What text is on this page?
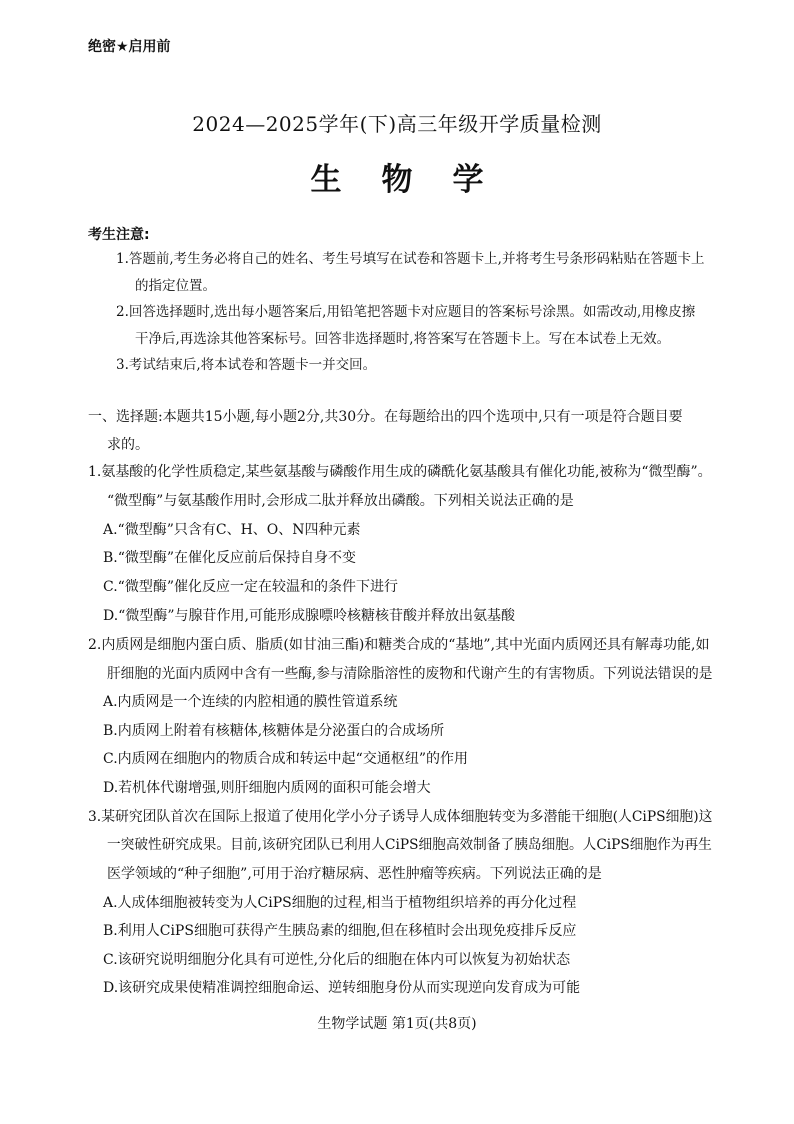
绝密★启用前
2024—2025学年(下)高三年级开学质量检测
生物学
考生注意:
1.答题前,考生务必将自己的姓名、考生号填写在试卷和答题卡上,并将考生号条形码粘贴在答题卡上
的指定位置。
2.回答选择题时,选出每小题答案后,用铅笔把答题卡对应题目的答案标号涂黑。如需改动,用橡皮擦
干净后,再选涂其他答案标号。回答非选择题时,将答案写在答题卡上。写在本试卷上无效。
3.考试结束后,将本试卷和答题卡一并交回。
一、选择题:本题共15小题,每小题2分,共30分。在每题给出的四个选项中,只有一项是符合题目要
求的。
1.氨基酸的化学性质稳定,某些氨基酸与磷酸作用生成的磷酰化氨基酸具有催化功能,被称为“微型酶”。
“微型酶”与氨基酸作用时,会形成二肽并释放出磷酸。下列相关说法正确的是
A.“微型酶”只含有C、H、O、N四种元素
B.“微型酶”在催化反应前后保持自身不变
C.“微型酶”催化反应一定在较温和的条件下进行
D.“微型酶”与腺苷作用,可能形成腺嘌呤核糖核苷酸并释放出氨基酸
2.内质网是细胞内蛋白质、脂质(如甘油三酯)和糖类合成的“基地”,其中光面内质网还具有解毒功能,如
肝细胞的光面内质网中含有一些酶,参与清除脂溶性的废物和代谢产生的有害物质。下列说法错误的是
A.内质网是一个连续的内腔相通的膜性管道系统
B.内质网上附着有核糖体,核糖体是分泌蛋白的合成场所
C.内质网在细胞内的物质合成和转运中起“交通枢纽”的作用
D.若机体代谢增强,则肝细胞内质网的面积可能会增大
3.某研究团队首次在国际上报道了使用化学小分子诱导人成体细胞转变为多潜能干细胞(人CiPS细胞)这
一突破性研究成果。目前,该研究团队已利用人CiPS细胞高效制备了胰岛细胞。人CiPS细胞作为再生
医学领域的“种子细胞”,可用于治疗糖尿病、恶性肿瘤等疾病。下列说法正确的是
A.人成体细胞被转变为人CiPS细胞的过程,相当于植物组织培养的再分化过程
B.利用人CiPS细胞可获得产生胰岛素的细胞,但在移植时会出现免疫排斥反应
C.该研究说明细胞分化具有可逆性,分化后的细胞在体内可以恢复为初始状态
D.该研究成果使精准调控细胞命运、逆转细胞身份从而实现逆向发育成为可能
生物学试题 第1页(共8页)
